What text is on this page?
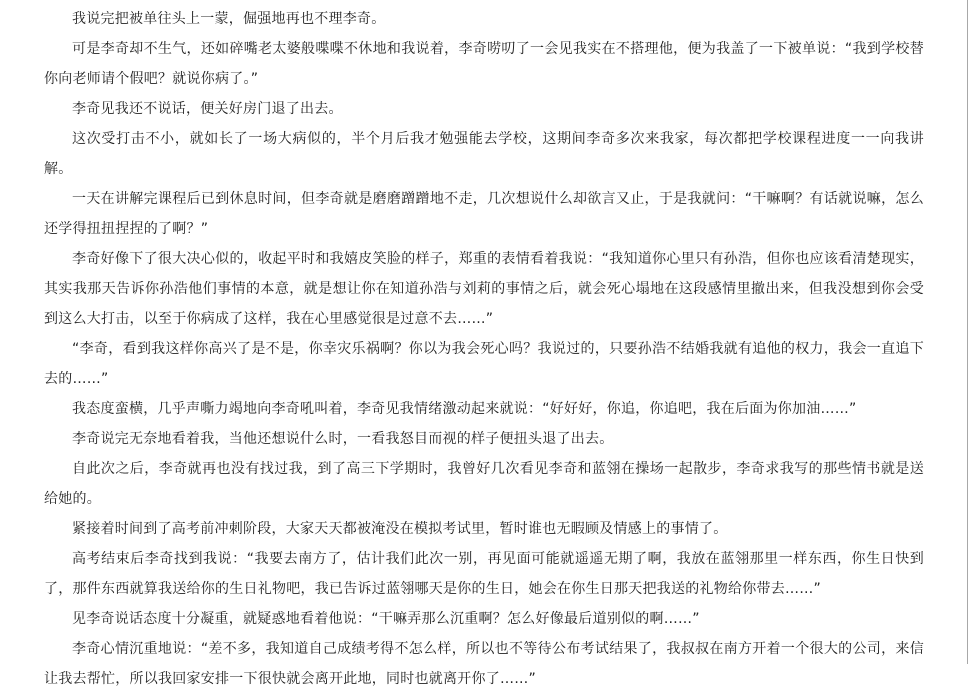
我说完把被单往头上一蒙，倔强地再也不理李奇。

可是李奇却不生气，还如碎嘴老太婆般喋喋不休地和我说着，李奇唠叨了一会见我实在不搭理他，便为我盖了一下被单说：“我到学校替你向老师请个假吧？就说你病了。”

李奇见我还不说话，便关好房门退了出去。

这次受打击不小，就如长了一场大病似的，半个月后我才勉强能去学校，这期间李奇多次来我家，每次都把学校课程进度一一向我讲解。

一天在讲解完课程后已到休息时间，但李奇就是磨磨蹭蹭地不走，几次想说什么却欲言又止，于是我就问：“干嘛啊？有话就说嘛，怎么还学得扭扭捏捏的了啊？”

李奇好像下了很大决心似的，收起平时和我嬉皮笑脸的样子，郑重的表情看着我说：“我知道你心里只有孙浩，但你也应该看清楚现实，其实我那天告诉你孙浩他们事情的本意，就是想让你在知道孙浩与刘莉的事情之后，就会死心塌地在这段感情里撤出来，但我没想到你会受到这么大打击，以至于你病成了这样，我在心里感觉很是过意不去……”

“李奇，看到我这样你高兴了是不是，你幸灾乐祸啊？你以为我会死心吗？我说过的，只要孙浩不结婚我就有追他的权力，我会一直追下去的……”

我态度蛮横，几乎声嘶力竭地向李奇吼叫着，李奇见我情绪激动起来就说：“好好好，你追，你追吧，我在后面为你加油……”

李奇说完无奈地看着我，当他还想说什么时，一看我怒目而视的样子便扭头退了出去。

自此次之后，李奇就再也没有找过我，到了高三下学期时，我曾好几次看见李奇和蓝翎在操场一起散步，李奇求我写的那些情书就是送给她的。

紧接着时间到了高考前冲刺阶段，大家天天都被淹没在模拟考试里，暂时谁也无暇顾及情感上的事情了。

高考结束后李奇找到我说：“我要去南方了，估计我们此次一别，再见面可能就遥遥无期了啊，我放在蓝翎那里一样东西，你生日快到了，那件东西就算我送给你的生日礼物吧，我已告诉过蓝翎哪天是你的生日，她会在你生日那天把我送的礼物给你带去……”

见李奇说话态度十分凝重，就疑惑地看着他说：“干嘛弄那么沉重啊？怎么好像最后道别似的啊……”

李奇心情沉重地说：“差不多，我知道自己成绩考得不怎么样，所以也不等待公布考试结果了，我叔叔在南方开着一个很大的公司，来信让我去帮忙，所以我回家安排一下很快就会离开此地，同时也就离开你了……”
